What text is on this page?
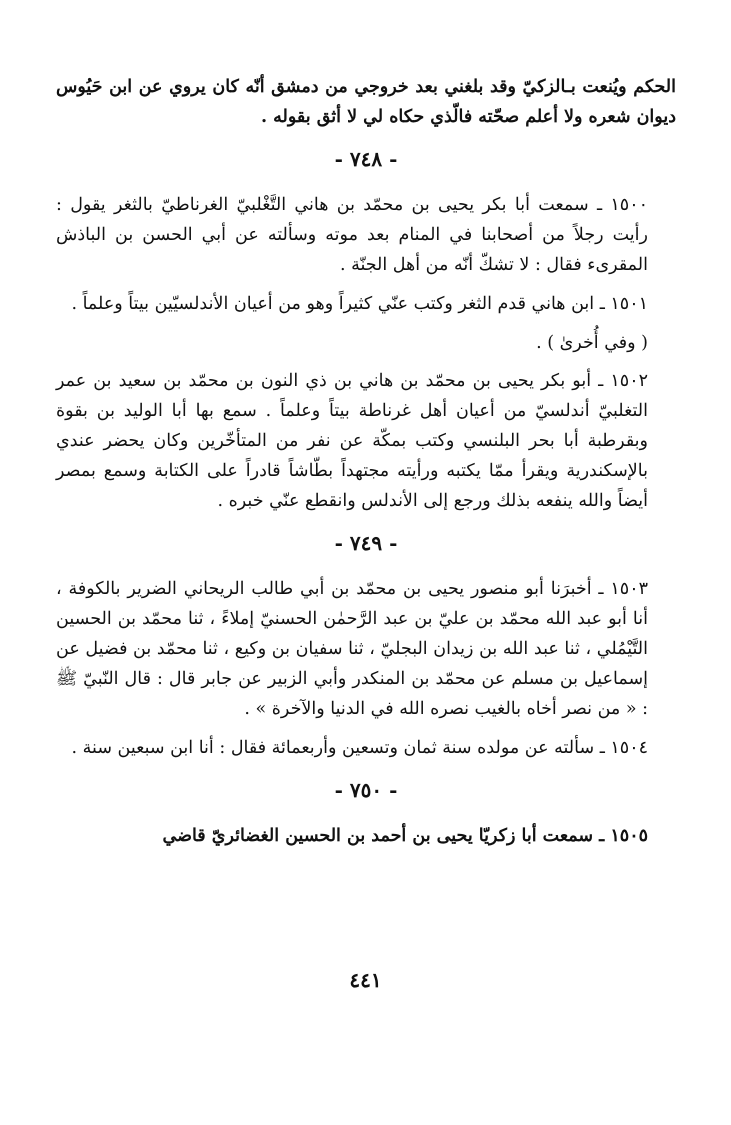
الحكم ويُنعت بـالزكيّ وقد بلغني بعد خروجي من دمشق أنّه كان يروي عن ابن حَيُوس ديوان شعره ولا أعلم صحّته فالّذي حكاه لي لا أثق بقوله .

- ٧٤٨ -

١٥٠٠ ـ سمعت أبا بكر يحيى بن محمّد بن هاني التَّغْلبيّ الغرناطيّ بالثغر يقول : رأيت رجلاً من أصحابنا في المنام بعد موته وسألته عن أبي الحسن بن الباذش المقرىء فقال : لا تشكّ أنّه من أهل الجنّة .

١٥٠١ ـ ابن هاني قدم الثغر وكتب عنّي كثيراً وهو من أعيان الأندلسيّين بيتاً وعلماً .

( وفي أُخرىٰ ) .

١٥٠٢ ـ أبو بكر يحيى بن محمّد بن هاني بن ذي النون بن محمّد بن سعيد بن عمر التغلبيّ أندلسيّ من أعيان أهل غرناطة بيتاً وعلماً . سمع بها أبا الوليد بن بقوة وبقرطبة أبا بحر البلنسي وكتب بمكّة عن نفر من المتأخّرين وكان يحضر عندي بالإسكندرية ويقرأ ممّا يكتبه ورأيته مجتهداً بطّاشاً قادراً على الكتابة وسمع بمصر أيضاً والله ينفعه بذلك ورجع إلى الأندلس وانقطع عنّي خبره .

- ٧٤٩ -

١٥٠٣ ـ أخبرَنا أبو منصور يحيى بن محمّد بن أبي طالب الريحاني الضرير بالكوفة ، أنا أبو عبد الله محمّد بن عليّ بن عبد الرَّحمٰن الحسنيّ إملاءً ، ثنا محمّد بن الحسين التَّيْمُلي ، ثنا عبد الله بن زيدان البجليّ ، ثنا سفيان بن وكيع ، ثنا محمّد بن فضيل عن إسماعيل بن مسلم عن محمّد بن المنكدر وأبي الزبير عن جابر قال : قال النّبيّ ﷺ : « من نصر أخاه بالغيب نصره الله في الدنيا والآخرة » .

١٥٠٤ ـ سألته عن مولده سنة ثمان وتسعين وأربعمائة فقال : أنا ابن سبعين سنة .

- ٧٥٠ -

١٥٠٥ ـ سمعت أبا زكريّا يحيى بن أحمد بن الحسين الغضائريّ قاضي

٤٤١
